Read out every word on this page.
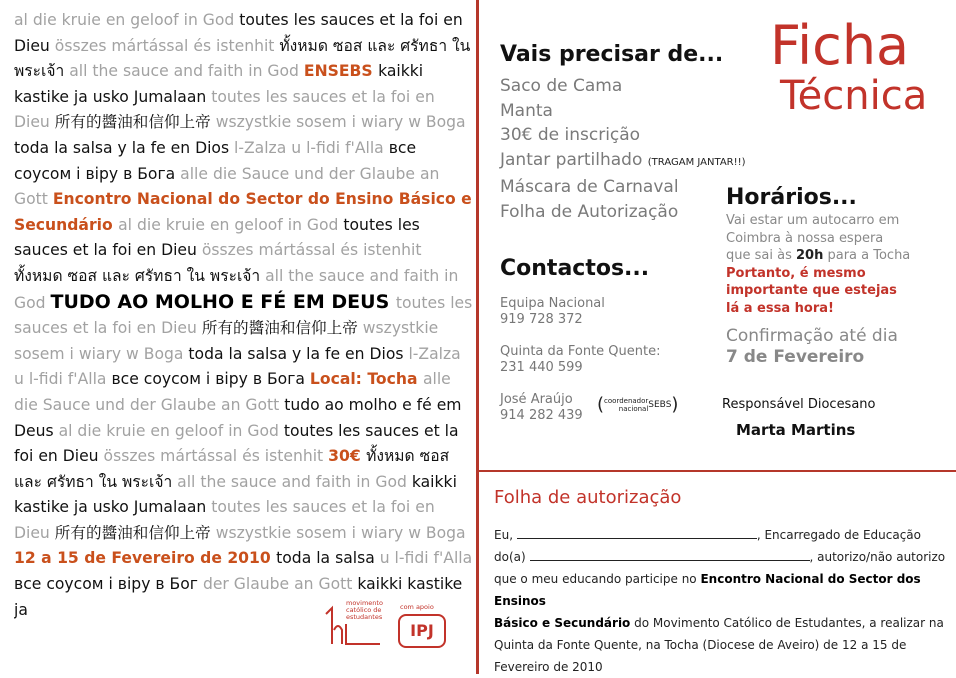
al die kruie en geloof in God toutes les sauces et la foi en Dieu összes mártással és istenhit ทั้งหมด ซอส และ ศรัทธา ใน พระเจ้า all the sauce and faith in God ENSEBS kaikki kastike ja usko Jumalaan toutes les sauces et la foi en Dieu 所有的醬油和信仰上帝 wszystkie sosem i wiary w Boga toda la salsa y la fe en Dios l-Zalza u l-fidi f'Alla все соусом і віру в Бога alle die Sauce und der Glaube an Gott Encontro Nacional do Sector do Ensino Básico e Secundário al die kruie en geloof in God toutes les sauces et la foi en Dieu összes mártással és istenhit ทั้งหมด ซอส และ ศรัทธา ใน พระเจ้า all the sauce and faith in God TUDO AO MOLHO E FÉ EM DEUS toutes les sauces et la foi en Dieu 所有的醬油和信仰上帝 wszystkie sosem i wiary w Boga toda la salsa y la fe en Dios l-Zalza u l-fidi f'Alla все соусом і віру в Бога Local: Tocha alle die Sauce und der Glaube an Gott tudo ao molho e fé em Deus al die kruie en geloof in God toutes les sauces et la foi en Dieu összes mártással és istenhit 30€ ทั้งหมด ซอส และ ศรัทธา ใน พระเจ้า all the sauce and faith in God kaikki kastike ja usko Jumalaan toutes les sauces et la foi en Dieu 所有的醬油和信仰上帝 wszystkie sosem i wiary w Boga 12 a 15 de Fevereiro de 2010 toda la salsa u l-fidi f'Alla все соусом і віру в Бог der Glaube an Gott kaikki kastike ja
Ficha
Técnica
Vais precisar de...
Saco de Cama
Manta
30€ de inscrição
Jantar partilhado (TRAGAM JANTAR!!)
Máscara de Carnaval
Folha de Autorização
Horários...
Vai estar um autocarro em
Coimbra à nossa espera
que sai às 20h para a Tocha
Portanto, é mesmo
importante que estejas
lá a essa hora!
Confirmação até dia
7 de Fevereiro
Contactos...
Equipa Nacional
919 728 372
Quinta da Fonte Quente:
231 440 599
José Araújo
914 282 439
(coordenador
nacionalSEBS)	Responsável Diocesano
Marta Martins
movimento
católico de
estudantes
com apoio
IPJ
Folha de autorização
Eu,	, Encarregado de Educação
do(a)	, autorizo/não autorizo
que o meu educando participe no Encontro Nacional do Sector dos Ensinos
Básico e Secundário do Movimento Católico de Estudantes, a realizar na
Quinta da Fonte Quente, na Tocha (Diocese de Aveiro) de 12 a 15 de
Fevereiro de 2010
